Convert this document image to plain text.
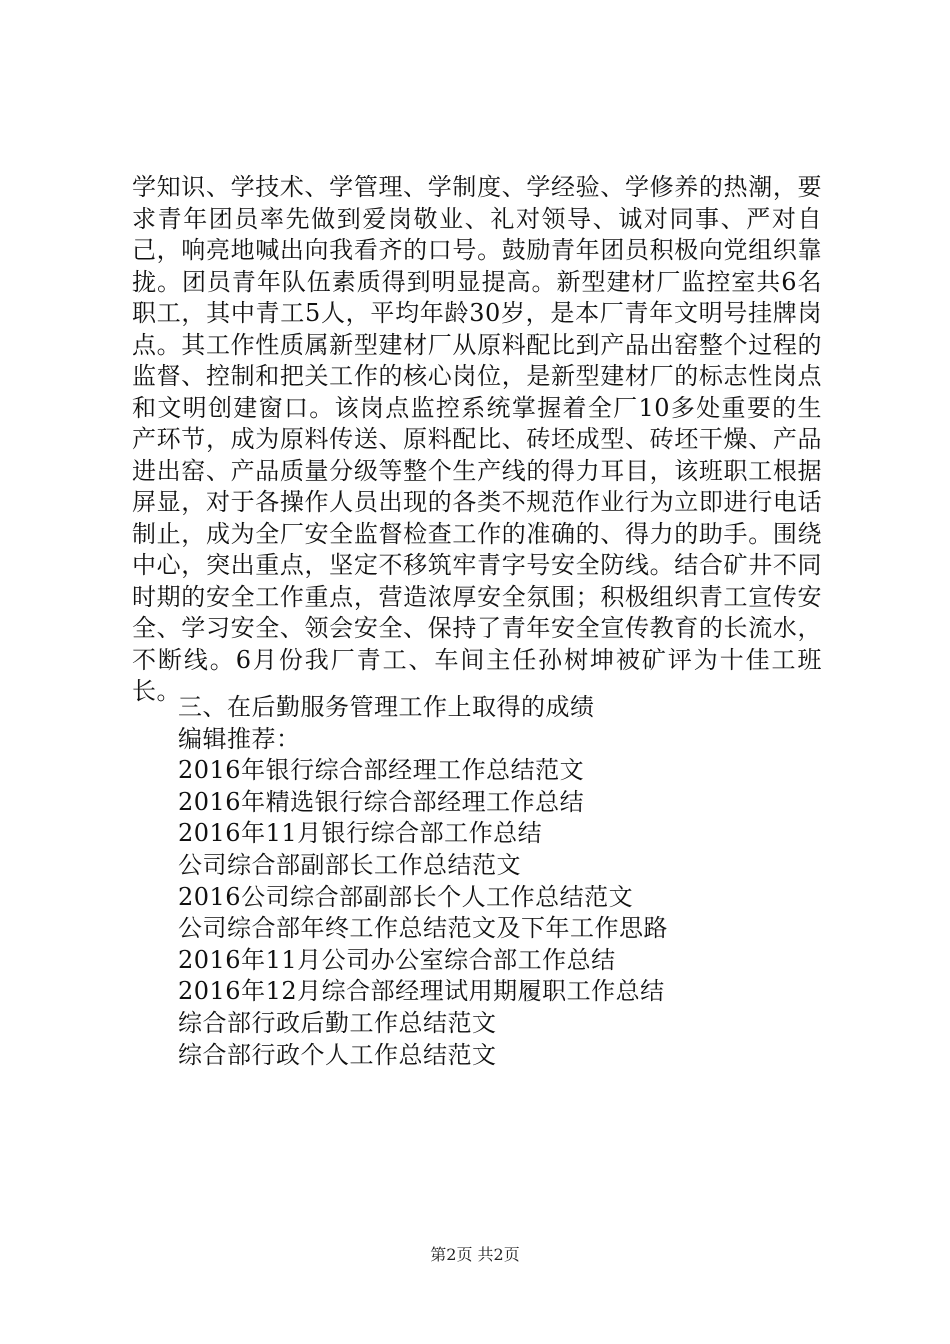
学知识、学技术、学管理、学制度、学经验、学修养的热潮，要求青年团员率先做到爱岗敬业、礼对领导、诚对同事、严对自己，响亮地喊出向我看齐的口号。鼓励青年团员积极向党组织靠拢。团员青年队伍素质得到明显提高。新型建材厂监控室共6名职工，其中青工5人，平均年龄30岁，是本厂青年文明号挂牌岗点。其工作性质属新型建材厂从原料配比到产品出窑整个过程的监督、控制和把关工作的核心岗位，是新型建材厂的标志性岗点和文明创建窗口。该岗点监控系统掌握着全厂10多处重要的生产环节，成为原料传送、原料配比、砖坯成型、砖坯干燥、产品进出窑、产品质量分级等整个生产线的得力耳目，该班职工根据屏显，对于各操作人员出现的各类不规范作业行为立即进行电话制止，成为全厂安全监督检查工作的准确的、得力的助手。围绕中心，突出重点，坚定不移筑牢青字号安全防线。结合矿井不同时期的安全工作重点，营造浓厚安全氛围；积极组织青工宣传安全、学习安全、领会安全、保持了青年安全宣传教育的长流水，不断线。6月份我厂青工、车间主任孙树坤被矿评为十佳工班长。

三、在后勤服务管理工作上取得的成绩
编辑推荐：
2016年银行综合部经理工作总结范文
2016年精选银行综合部经理工作总结
2016年11月银行综合部工作总结
公司综合部副部长工作总结范文
2016公司综合部副部长个人工作总结范文
公司综合部年终工作总结范文及下年工作思路
2016年11月公司办公室综合部工作总结
2016年12月综合部经理试用期履职工作总结
综合部行政后勤工作总结范文
综合部行政个人工作总结范文
第2页 共2页
